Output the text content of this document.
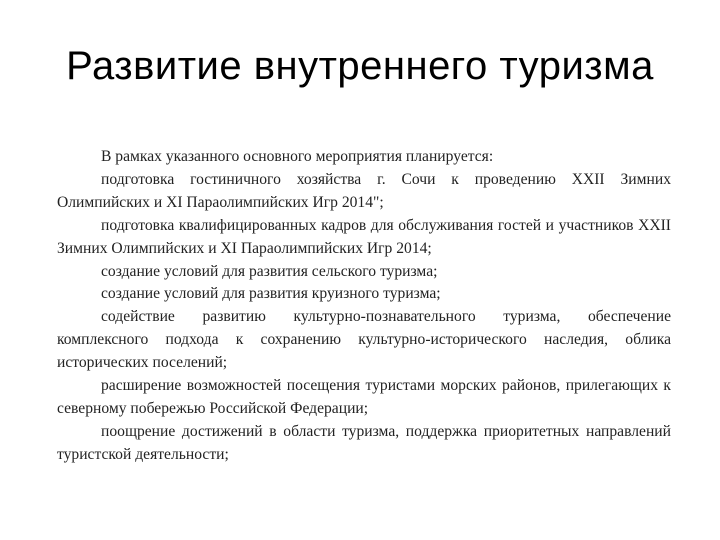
Развитие внутреннего туризма

В рамках указанного основного мероприятия планируется:

подготовка гостиничного хозяйства г. Сочи к проведению XXII Зимних Олимпийских и XI Параолимпийских Игр 2014";

подготовка квалифицированных кадров для обслуживания гостей и участников XXII Зимних Олимпийских и XI Параолимпийских Игр 2014;

создание условий для развития сельского туризма;

создание условий для развития круизного туризма;

содействие развитию культурно-познавательного туризма, обеспечение комплексного подхода к сохранению культурно-исторического наследия, облика исторических поселений;

расширение возможностей посещения туристами морских районов, прилегающих к северному побережью Российской Федерации;

поощрение достижений в области туризма, поддержка приоритетных направлений туристской деятельности;
